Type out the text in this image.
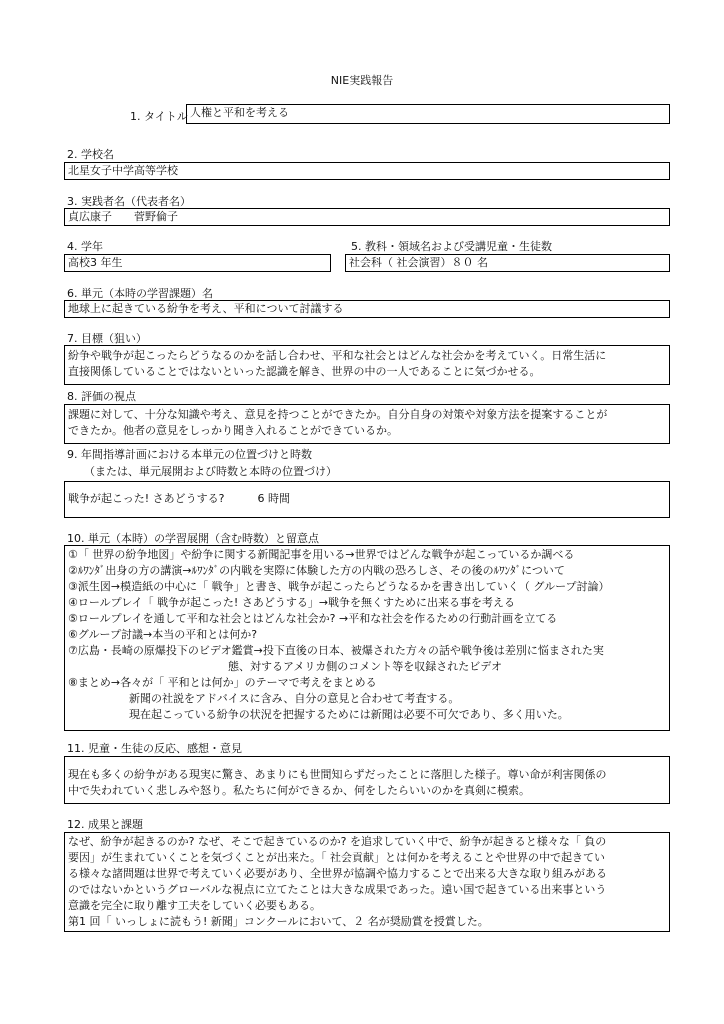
NIE実践報告
1. タイトル 人権と平和を考える
2. 学校名
北星女子中学高等学校
3. 実践者名（代表者名）
貞広康子　　菅野倫子
4. 学年
高校3 年生
5. 教科・領域名および受講児童・生徒数
社会科（ 社会演習）８０ 名
6. 単元（本時の学習課題）名
地球上に起きている紛争を考え、平和について討議する
7. 目標（狙い）
紛争や戦争が起こったらどうなるのかを話し合わせ、平和な社会とはどんな社会かを考えていく。日常生活に
直接関係していることではないといった認識を解き、世界の中の一人であることに気づかせる。
8. 評価の視点
課題に対して、十分な知識や考え、意見を持つことができたか。自分自身の対策や対象方法を提案することが
できたか。他者の意見をしっかり聞き入れることができているか。
9. 年間指導計画における本単元の位置づけと時数
（または、単元展開および時数と本時の位置づけ）
戦争が起こった! さあどうする?　　　6 時間
10. 単元（本時）の学習展開（含む時数）と留意点
①「 世界の紛争地図」や紛争に関する新聞記事を用いる→世界ではどんな戦争が起こっているか調べる
②ﾙﾜﾝﾀﾞ出身の方の講演→ﾙﾜﾝﾀﾞの内戦を実際に体験した方の内戦の恐ろしさ、その後のﾙﾜﾝﾀﾞについて
③派生図→模造紙の中心に「 戦争」と書き、戦争が起こったらどうなるかを書き出していく（ グループ討論）
④ロールプレイ「 戦争が起こった! さあどうする」→戦争を無くすために出来る事を考える
⑤ロールプレイを通して平和な社会とはどんな社会か? →平和な社会を作るための行動計画を立てる
⑥グループ討議→本当の平和とは何か?
⑦広島・長崎の原爆投下のビデオ鑑賞→投下直後の日本、被爆された方々の話や戦争後は差別に悩まされた実
態、対するアメリカ側のコメント等を収録されたビデオ
⑧まとめ→各々が「 平和とは何か」のテーマで考えをまとめる
新聞の社説をアドバイスに含み、自分の意見と合わせて考査する。
現在起こっている紛争の状況を把握するためには新聞は必要不可欠であり、多く用いた。
11. 児童・生徒の反応、感想・意見
現在も多くの紛争がある現実に驚き、あまりにも世間知らずだったことに落胆した様子。尊い命が利害関係の
中で失われていく悲しみや怒り。私たちに何ができるか、何をしたらいいのかを真剣に模索。
12. 成果と課題
なぜ、紛争が起きるのか? なぜ、そこで起きているのか? を追求していく中で、紛争が起きると様々な「 負の
要因」が生まれていくことを気づくことが出来た。「 社会貢献」とは何かを考えることや世界の中で起きてい
る様々な諸問題は世界で考えていく必要があり、全世界が協調や協力することで出来る大きな取り組みがある
のではないかというグローバルな視点に立てたことは大きな成果であった。遠い国で起きている出来事という
意識を完全に取り離す工夫をしていく必要もある。
第1 回「 いっしょに読もう! 新聞」コンクールにおいて、２ 名が奨励賞を授賞した。
